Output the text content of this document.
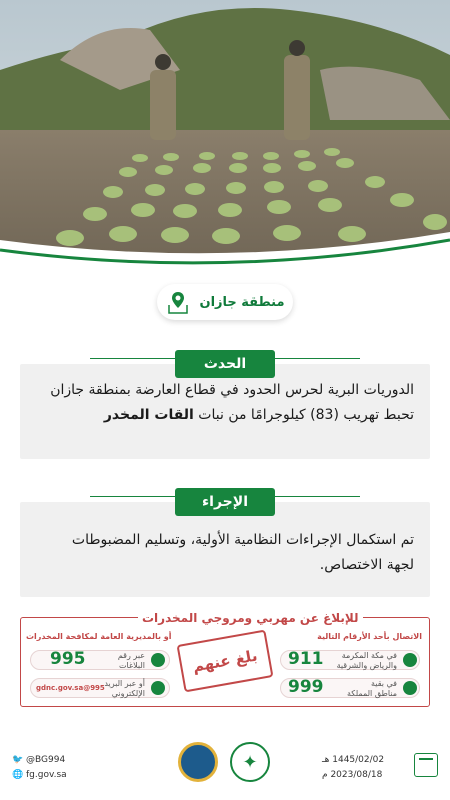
منطقة جازان
الحدث
الدوريات البرية لحرس الحدود في قطاع العارضة بمنطقة جازان
تحبط تهريب (83) كيلوجرامًا من نبات القات المخدر
الإجراء
تم استكمال الإجراءات النظامية الأولية، وتسليم المضبوطات
لجهة الاختصاص.
للإبلاغ عن مهربي ومروجي المخدرات
الاتصال بأحد الأرقام التالية
أو بالمديرية العامة لمكافحة المخدرات
في مكة المكرمة
والرياض والشرقية
911
في بقية
مناطق المملكة
999
بلغ عنهم
عبر رقم
البلاغات
995
أو عبر البريد
الإلكتروني
995@gdnc.gov.sa
🐦 @BG994
🌐 fg.gov.sa
✦	1445/02/02 هـ
2023/08/18 م
